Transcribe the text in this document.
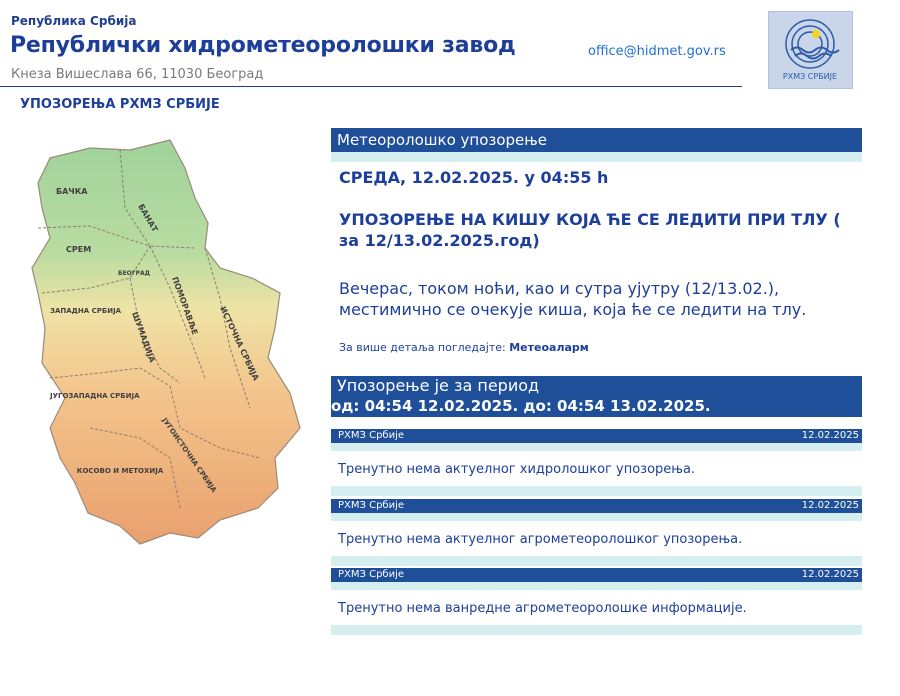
Република Србија
Републички хидрометеоролошки завод
Кнеза Вишеслава 66, 11030 Београд
office@hidmet.gov.rs
РХМЗ СРБИЈЕ
УПОЗОРЕЊА РХМЗ СРБИЈЕ
БАЧКА
БАНАТ
СРЕМ
БЕОГРАД
ЗАПАДНА СРБИЈА ШУМАДИЈА
ПОМОРАВЉЕ ИСТОЧНА СРБИЈА
ЈУГОЗАПАДНА СРБИЈА
ЈУГОИСТОЧНА СРБИЈА
КОСОВО И МЕТОХИЈА
Метеоролошко упозорење
СРЕДА, 12.02.2025. у 04:55 h
УПОЗОРЕЊЕ НА КИШУ КОЈА ЋЕ СЕ ЛЕДИТИ ПРИ ТЛУ ( за 12/13.02.2025.год)
Вечерас, током ноћи, као и сутра ујутру (12/13.02.), местимично се очекује киша, која ће се ледити на тлу.
За више детаља погледајте: Метеоаларм
Упозорење је за период
од: 04:54 12.02.2025. до: 04:54 13.02.2025.
РХМЗ Србије	12.02.2025
Тренутно нема актуелног хидролошког упозорења.
РХМЗ Србије	12.02.2025
Тренутно нема актуелног агрометеоролошког упозорења.
РХМЗ Србије	12.02.2025
Тренутно нема ванредне агрометеоролошке информације.
